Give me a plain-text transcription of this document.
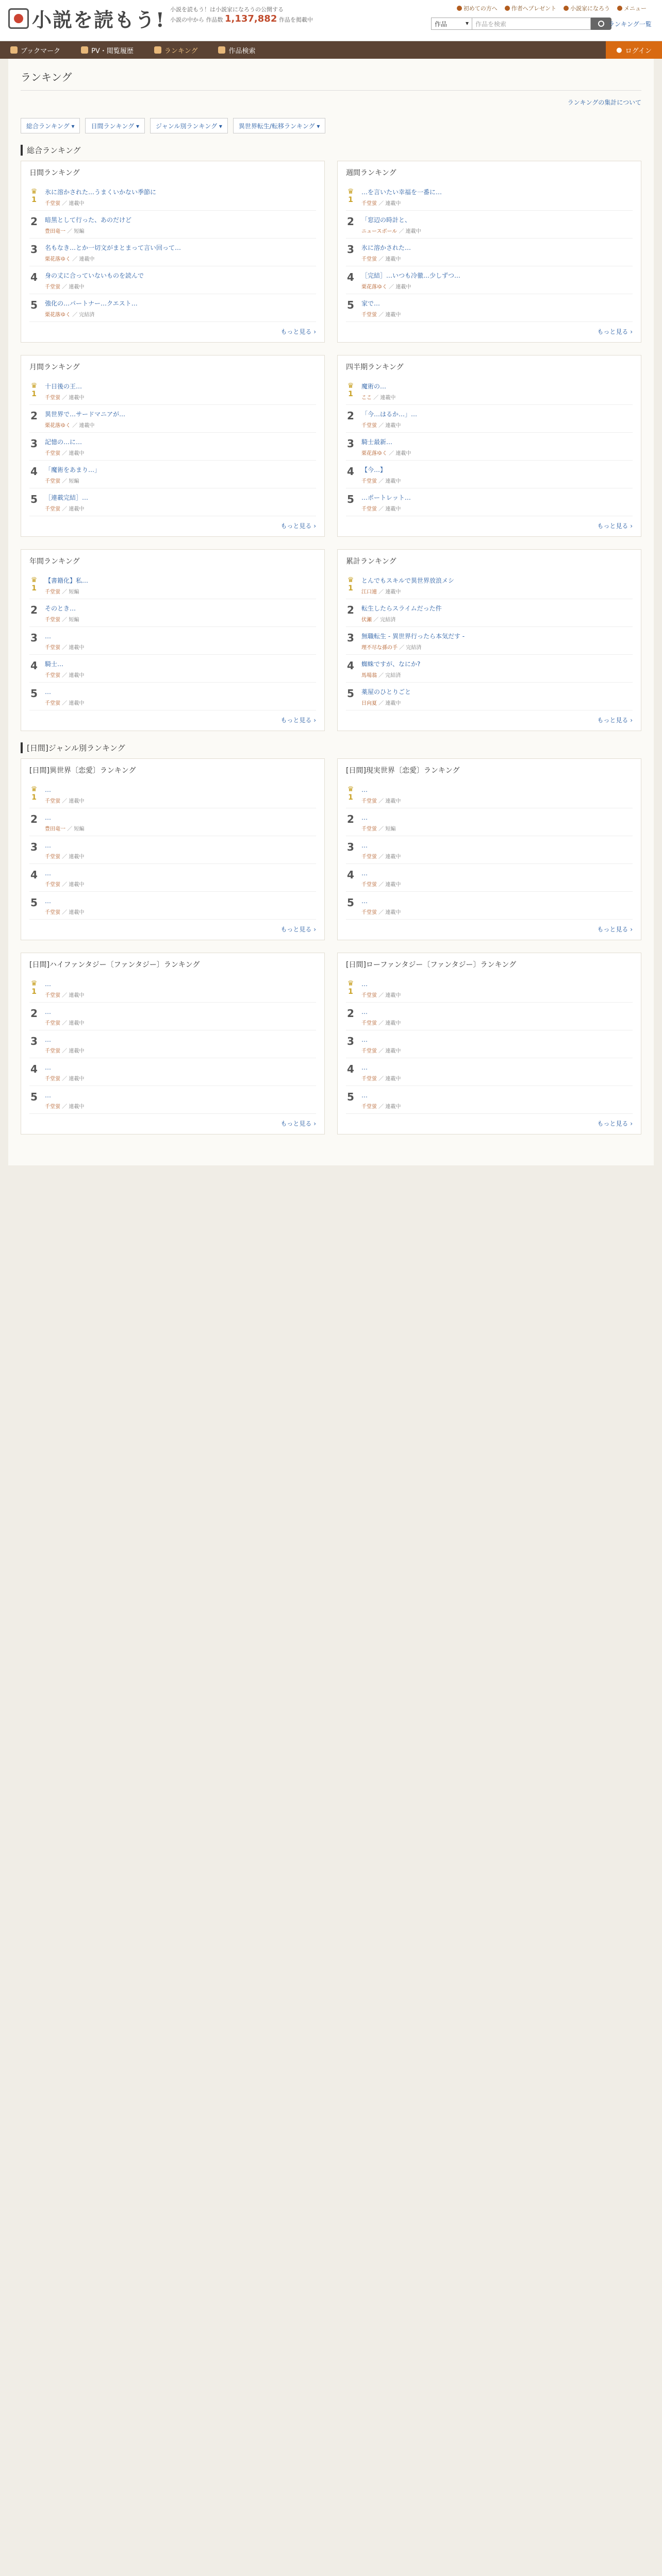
小説を読もう! 小説を読もう！は小説家になろうの公開する
小説の中から 作品数 1,137,882 作品を掲載中
初めての方へ	作者へプレゼント	小説家になろう	メニュー
作品	▾	作品を検索	ランキング一覧
ブックマーク	PV・閲覧履歴	ランキング	作品検索	● ログイン
ランキング
ランキングの集計について
総合ランキング ▾	日間ランキング ▾	ジャンル別ランキング ▾	異世界転生/転移ランキング ▾
総合ランキング
日間ランキング
♛
1
氷に溶かされた…うまくいかない季節に
千堂蛍 ／ 連載中
2 暗黒として行った、あのだけど
豊田竜一 ／ 短編
3 名もなき…とか一切文がまとまって言い回って…
栗花落ゆく ／ 連載中
4 身の丈に合っていないものを読んで
千堂蛍 ／ 連載中
5 強化の…パートナー…クエスト…
栗花落ゆく ／ 完結済
もっと見る ›
週間ランキング
♛
1
…を言いたい幸福を一番に…
千堂蛍 ／ 連載中
2 「窓辺の時計と、
ニュースボール ／ 連載中
3 氷に溶かされた…
千堂蛍 ／ 連載中
4 ［完結］…いつも冷徹…少しずつ…
栗花落ゆく ／ 連載中
5 家で…
千堂蛍 ／ 連載中
もっと見る ›
月間ランキング
♛
1
十日後の王…
千堂蛍 ／ 連載中
2 異世界で…サードマニアが…
栗花落ゆく ／ 連載中
3 記憶の…に…
千堂蛍 ／ 連載中
4 「魔術をあまり…」
千堂蛍 ／ 短編
5 ［連載完結］…
千堂蛍 ／ 連載中
もっと見る ›
四半期ランキング
♛
1
魔術の…
ここ ／ 連載中
2 「今…はるか…」…
千堂蛍 ／ 連載中
3 騎士最新…
栗花落ゆく ／ 連載中
4 【今…】
千堂蛍 ／ 連載中
5 …ポートレット…
千堂蛍 ／ 連載中
もっと見る ›
年間ランキング
♛
1
【書籍化】私…
千堂蛍 ／ 短編
2 そのとき…
千堂蛍 ／ 短編
3 …
千堂蛍 ／ 連載中
4 騎士…
千堂蛍 ／ 連載中
5 …
千堂蛍 ／ 連載中
もっと見る ›
累計ランキング
♛
1
とんでもスキルで異世界放浪メシ
江口連 ／ 連載中
2 転生したらスライムだった件
伏瀬 ／ 完結済
3 無職転生 - 異世界行ったら本気だす -
理不尽な孫の手 ／ 完結済
4 蜘蛛ですが、なにか?
馬場翁 ／ 完結済
5 薬屋のひとりごと
日向夏 ／ 連載中
もっと見る ›
[日間]ジャンル別ランキング
[日間]異世界〔恋愛〕ランキング
♛
1
…
千堂蛍 ／ 連載中
2 …
豊田竜一 ／ 短編
3 …
千堂蛍 ／ 連載中
4 …
千堂蛍 ／ 連載中
5 …
千堂蛍 ／ 連載中
もっと見る ›
[日間]現実世界〔恋愛〕ランキング
♛
1
…
千堂蛍 ／ 連載中
2 …
千堂蛍 ／ 短編
3 …
千堂蛍 ／ 連載中
4 …
千堂蛍 ／ 連載中
5 …
千堂蛍 ／ 連載中
もっと見る ›
[日間]ハイファンタジー〔ファンタジー〕ランキング
♛
1
…
千堂蛍 ／ 連載中
2 …
千堂蛍 ／ 連載中
3 …
千堂蛍 ／ 連載中
4 …
千堂蛍 ／ 連載中
5 …
千堂蛍 ／ 連載中
もっと見る ›
[日間]ローファンタジー〔ファンタジー〕ランキング
♛
1
…
千堂蛍 ／ 連載中
2 …
千堂蛍 ／ 連載中
3 …
千堂蛍 ／ 連載中
4 …
千堂蛍 ／ 連載中
5 …
千堂蛍 ／ 連載中
もっと見る ›
